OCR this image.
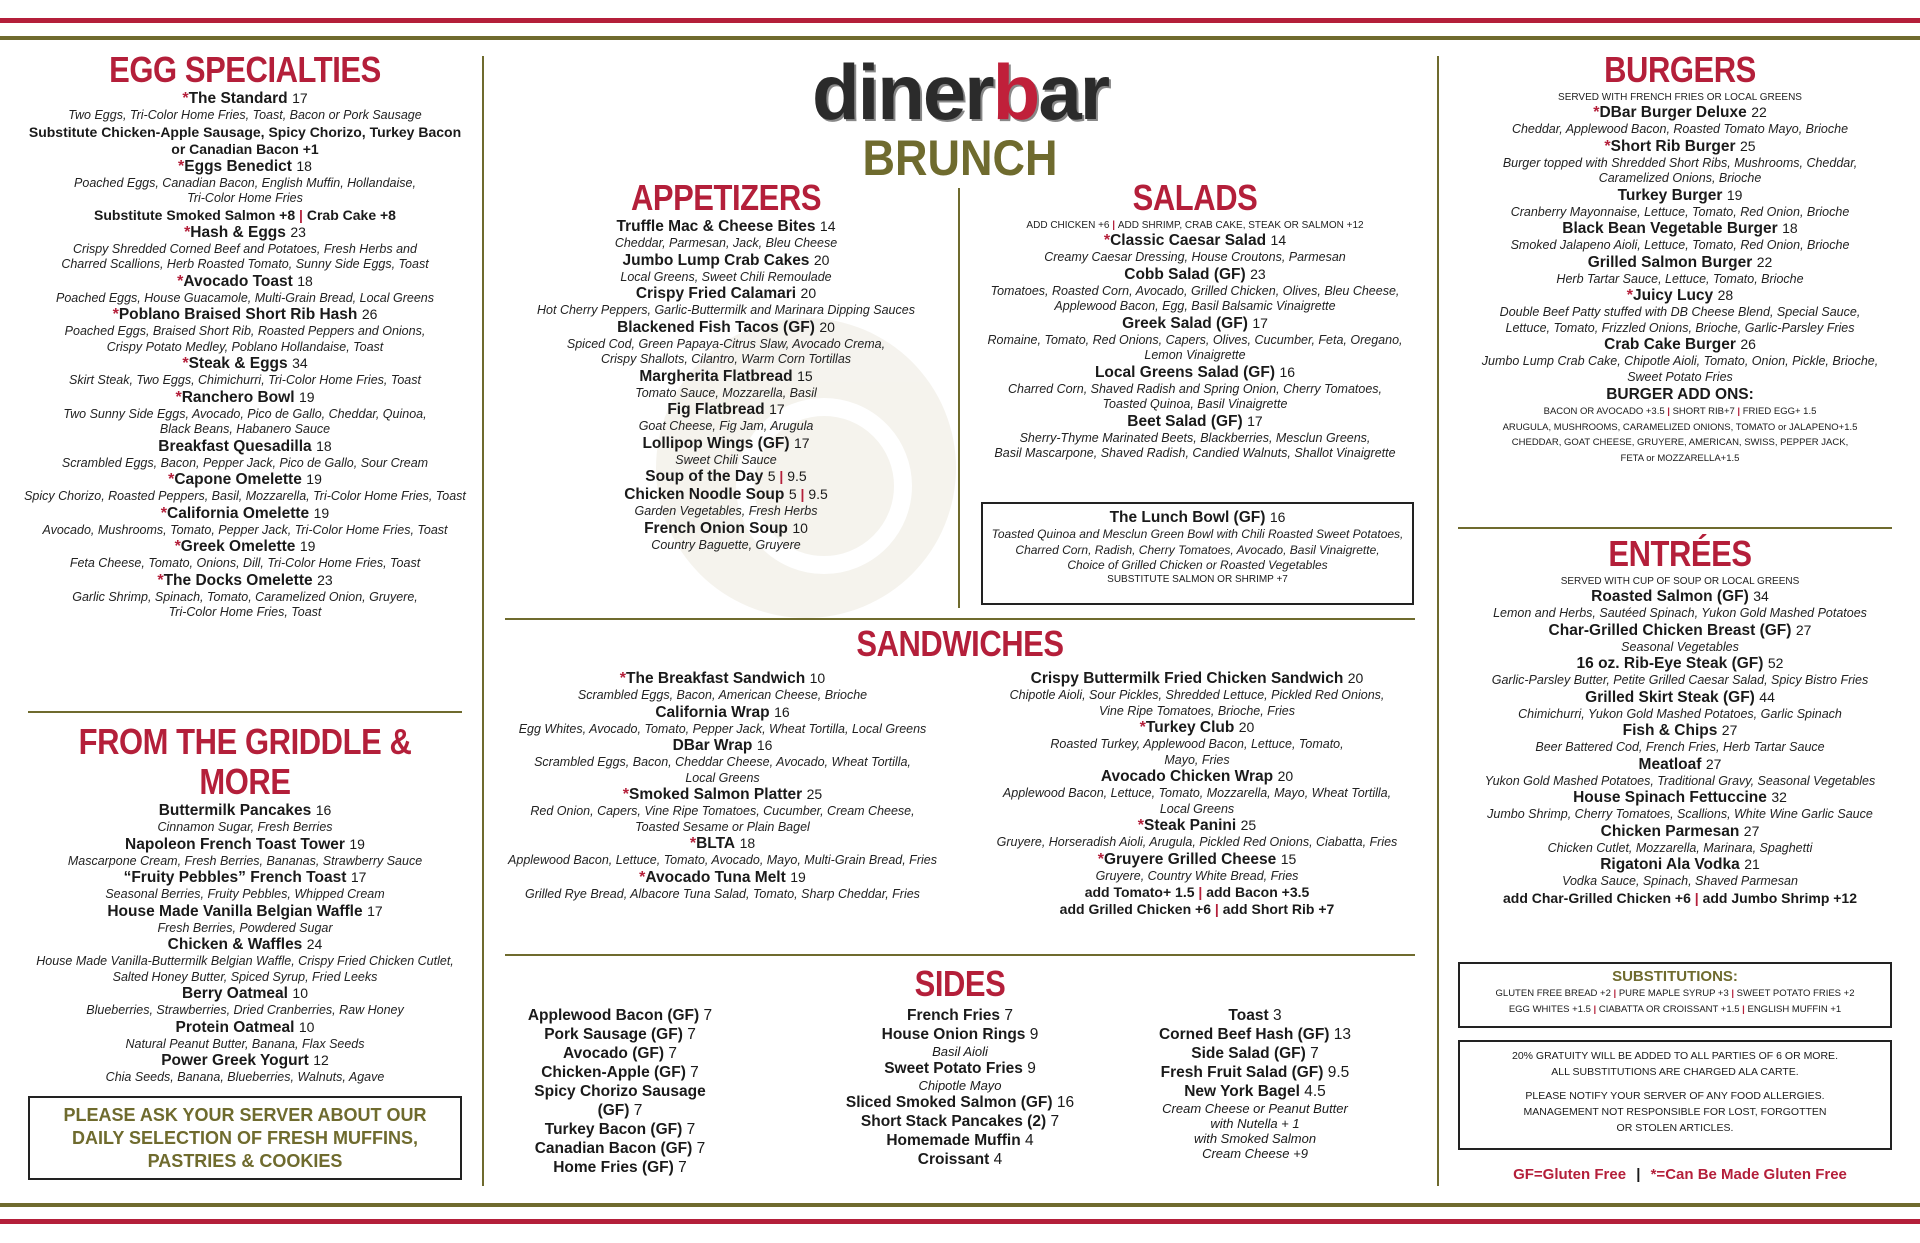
dinerbar
BRUNCH
EGG SPECIALTIES
*The Standard 17
Two Eggs, Tri-Color Home Fries, Toast, Bacon or Pork Sausage
Substitute Chicken-Apple Sausage, Spicy Chorizo, Turkey Bacon
or Canadian Bacon +1
*Eggs Benedict 18
Poached Eggs, Canadian Bacon, English Muffin, Hollandaise,
Tri-Color Home Fries
Substitute Smoked Salmon +8 | Crab Cake +8
*Hash & Eggs 23
Crispy Shredded Corned Beef and Potatoes, Fresh Herbs and
Charred Scallions, Herb Roasted Tomato, Sunny Side Eggs, Toast
*Avocado Toast 18
Poached Eggs, House Guacamole, Multi-Grain Bread, Local Greens
*Poblano Braised Short Rib Hash 26
Poached Eggs, Braised Short Rib, Roasted Peppers and Onions,
Crispy Potato Medley, Poblano Hollandaise, Toast
*Steak & Eggs 34
Skirt Steak, Two Eggs, Chimichurri, Tri-Color Home Fries, Toast
*Ranchero Bowl 19
Two Sunny Side Eggs, Avocado, Pico de Gallo, Cheddar, Quinoa,
Black Beans, Habanero Sauce
Breakfast Quesadilla 18
Scrambled Eggs, Bacon, Pepper Jack, Pico de Gallo, Sour Cream
*Capone Omelette 19
Spicy Chorizo, Roasted Peppers, Basil, Mozzarella, Tri-Color Home Fries, Toast
*California Omelette 19
Avocado, Mushrooms, Tomato, Pepper Jack, Tri-Color Home Fries, Toast
*Greek Omelette 19
Feta Cheese, Tomato, Onions, Dill, Tri-Color Home Fries, Toast
*The Docks Omelette 23
Garlic Shrimp, Spinach, Tomato, Caramelized Onion, Gruyere,
Tri-Color Home Fries, Toast
FROM THE GRIDDLE & MORE
Buttermilk Pancakes 16
Cinnamon Sugar, Fresh Berries
Napoleon French Toast Tower 19
Mascarpone Cream, Fresh Berries, Bananas, Strawberry Sauce
“Fruity Pebbles” French Toast 17
Seasonal Berries, Fruity Pebbles, Whipped Cream
House Made Vanilla Belgian Waffle 17
Fresh Berries, Powdered Sugar
Chicken & Waffles 24
House Made Vanilla-Buttermilk Belgian Waffle, Crispy Fried Chicken Cutlet,
Salted Honey Butter, Spiced Syrup, Fried Leeks
Berry Oatmeal 10
Blueberries, Strawberries, Dried Cranberries, Raw Honey
Protein Oatmeal 10
Natural Peanut Butter, Banana, Flax Seeds
Power Greek Yogurt 12
Chia Seeds, Banana, Blueberries, Walnuts, Agave
PLEASE ASK YOUR SERVER ABOUT OUR
DAILY SELECTION OF FRESH MUFFINS,
PASTRIES & COOKIES
APPETIZERS
Truffle Mac & Cheese Bites 14
Cheddar, Parmesan, Jack, Bleu Cheese
Jumbo Lump Crab Cakes 20
Local Greens, Sweet Chili Remoulade
Crispy Fried Calamari 20
Hot Cherry Peppers, Garlic-Buttermilk and Marinara Dipping Sauces
Blackened Fish Tacos (GF) 20
Spiced Cod, Green Papaya-Citrus Slaw, Avocado Crema,
Crispy Shallots, Cilantro, Warm Corn Tortillas
Margherita Flatbread 15
Tomato Sauce, Mozzarella, Basil
Fig Flatbread 17
Goat Cheese, Fig Jam, Arugula
Lollipop Wings (GF) 17
Sweet Chili Sauce
Soup of the Day 5 | 9.5
Chicken Noodle Soup 5 | 9.5
Garden Vegetables, Fresh Herbs
French Onion Soup 10
Country Baguette, Gruyere
SALADS
ADD CHICKEN +6 | ADD SHRIMP, CRAB CAKE, STEAK OR SALMON +12
*Classic Caesar Salad 14
Creamy Caesar Dressing, House Croutons, Parmesan
Cobb Salad (GF) 23
Tomatoes, Roasted Corn, Avocado, Grilled Chicken, Olives, Bleu Cheese,
Applewood Bacon, Egg, Basil Balsamic Vinaigrette
Greek Salad (GF) 17
Romaine, Tomato, Red Onions, Capers, Olives, Cucumber, Feta, Oregano,
Lemon Vinaigrette
Local Greens Salad (GF) 16
Charred Corn, Shaved Radish and Spring Onion, Cherry Tomatoes,
Toasted Quinoa, Basil Vinaigrette
Beet Salad (GF) 17
Sherry-Thyme Marinated Beets, Blackberries, Mesclun Greens,
Basil Mascarpone, Shaved Radish, Candied Walnuts, Shallot Vinaigrette
The Lunch Bowl (GF) 16
Toasted Quinoa and Mesclun Green Bowl with Chili Roasted Sweet Potatoes,
Charred Corn, Radish, Cherry Tomatoes, Avocado, Basil Vinaigrette,
Choice of Grilled Chicken or Roasted Vegetables
SUBSTITUTE SALMON OR SHRIMP +7
SANDWICHES
*The Breakfast Sandwich 10
Scrambled Eggs, Bacon, American Cheese, Brioche
California Wrap 16
Egg Whites, Avocado, Tomato, Pepper Jack, Wheat Tortilla, Local Greens
DBar Wrap 16
Scrambled Eggs, Bacon, Cheddar Cheese, Avocado, Wheat Tortilla,
Local Greens
*Smoked Salmon Platter 25
Red Onion, Capers, Vine Ripe Tomatoes, Cucumber, Cream Cheese,
Toasted Sesame or Plain Bagel
*BLTA 18
Applewood Bacon, Lettuce, Tomato, Avocado, Mayo, Multi-Grain Bread, Fries
*Avocado Tuna Melt 19
Grilled Rye Bread, Albacore Tuna Salad, Tomato, Sharp Cheddar, Fries
Crispy Buttermilk Fried Chicken Sandwich 20
Chipotle Aioli, Sour Pickles, Shredded Lettuce, Pickled Red Onions,
Vine Ripe Tomatoes, Brioche, Fries
*Turkey Club 20
Roasted Turkey, Applewood Bacon, Lettuce, Tomato,
Mayo, Fries
Avocado Chicken Wrap 20
Applewood Bacon, Lettuce, Tomato, Mozzarella, Mayo, Wheat Tortilla,
Local Greens
*Steak Panini 25
Gruyere, Horseradish Aioli, Arugula, Pickled Red Onions, Ciabatta, Fries
*Gruyere Grilled Cheese 15
Gruyere, Country White Bread, Fries
add Tomato+ 1.5 | add Bacon +3.5
add Grilled Chicken +6 | add Short Rib +7
SIDES
Applewood Bacon (GF) 7
Pork Sausage (GF) 7
Avocado (GF) 7
Chicken-Apple (GF) 7
Spicy Chorizo Sausage (GF) 7
Turkey Bacon (GF) 7
Canadian Bacon (GF) 7
Home Fries (GF) 7
French Fries 7
House Onion Rings 9
Basil Aioli
Sweet Potato Fries 9
Chipotle Mayo
Sliced Smoked Salmon (GF) 16
Short Stack Pancakes (2) 7
Homemade Muffin 4
Croissant 4
Toast 3
Corned Beef Hash (GF) 13
Side Salad (GF) 7
Fresh Fruit Salad (GF) 9.5
New York Bagel 4.5
Cream Cheese or Peanut Butter
with Nutella + 1
with Smoked Salmon
Cream Cheese +9
BURGERS
SERVED WITH FRENCH FRIES OR LOCAL GREENS
*DBar Burger Deluxe 22
Cheddar, Applewood Bacon, Roasted Tomato Mayo, Brioche
*Short Rib Burger 25
Burger topped with Shredded Short Ribs, Mushrooms, Cheddar,
Caramelized Onions, Brioche
Turkey Burger 19
Cranberry Mayonnaise, Lettuce, Tomato, Red Onion, Brioche
Black Bean Vegetable Burger 18
Smoked Jalapeno Aioli, Lettuce, Tomato, Red Onion, Brioche
Grilled Salmon Burger 22
Herb Tartar Sauce, Lettuce, Tomato, Brioche
*Juicy Lucy 28
Double Beef Patty stuffed with DB Cheese Blend, Special Sauce,
Lettuce, Tomato, Frizzled Onions, Brioche, Garlic-Parsley Fries
Crab Cake Burger 26
Jumbo Lump Crab Cake, Chipotle Aioli, Tomato, Onion, Pickle, Brioche,
Sweet Potato Fries
BURGER ADD ONS:
BACON OR AVOCADO +3.5 | SHORT RIB+7 | FRIED EGG+ 1.5
ARUGULA, MUSHROOMS, CARAMELIZED ONIONS, TOMATO or JALAPENO+1.5
CHEDDAR, GOAT CHEESE, GRUYERE, AMERICAN, SWISS, PEPPER JACK,
FETA or MOZZARELLA+1.5
ENTRÉES
SERVED WITH CUP OF SOUP OR LOCAL GREENS
Roasted Salmon (GF) 34
Lemon and Herbs, Sautéed Spinach, Yukon Gold Mashed Potatoes
Char-Grilled Chicken Breast (GF) 27
Seasonal Vegetables
16 oz. Rib-Eye Steak (GF) 52
Garlic-Parsley Butter, Petite Grilled Caesar Salad, Spicy Bistro Fries
Grilled Skirt Steak (GF) 44
Chimichurri, Yukon Gold Mashed Potatoes, Garlic Spinach
Fish & Chips 27
Beer Battered Cod, French Fries, Herb Tartar Sauce
Meatloaf 27
Yukon Gold Mashed Potatoes, Traditional Gravy, Seasonal Vegetables
House Spinach Fettuccine 32
Jumbo Shrimp, Cherry Tomatoes, Scallions, White Wine Garlic Sauce
Chicken Parmesan 27
Chicken Cutlet, Mozzarella, Marinara, Spaghetti
Rigatoni Ala Vodka 21
Vodka Sauce, Spinach, Shaved Parmesan
add Char-Grilled Chicken +6 | add Jumbo Shrimp +12
SUBSTITUTIONS:
GLUTEN FREE BREAD +2 | PURE MAPLE SYRUP +3 | SWEET POTATO FRIES +2
EGG WHITES +1.5 | CIABATTA OR CROISSANT +1.5 | ENGLISH MUFFIN +1
20% GRATUITY WILL BE ADDED TO ALL PARTIES OF 6 OR MORE.
ALL SUBSTITUTIONS ARE CHARGED ALA CARTE.
PLEASE NOTIFY YOUR SERVER OF ANY FOOD ALLERGIES.
MANAGEMENT NOT RESPONSIBLE FOR LOST, FORGOTTEN
OR STOLEN ARTICLES.
GF=Gluten Free | *=Can Be Made Gluten Free
